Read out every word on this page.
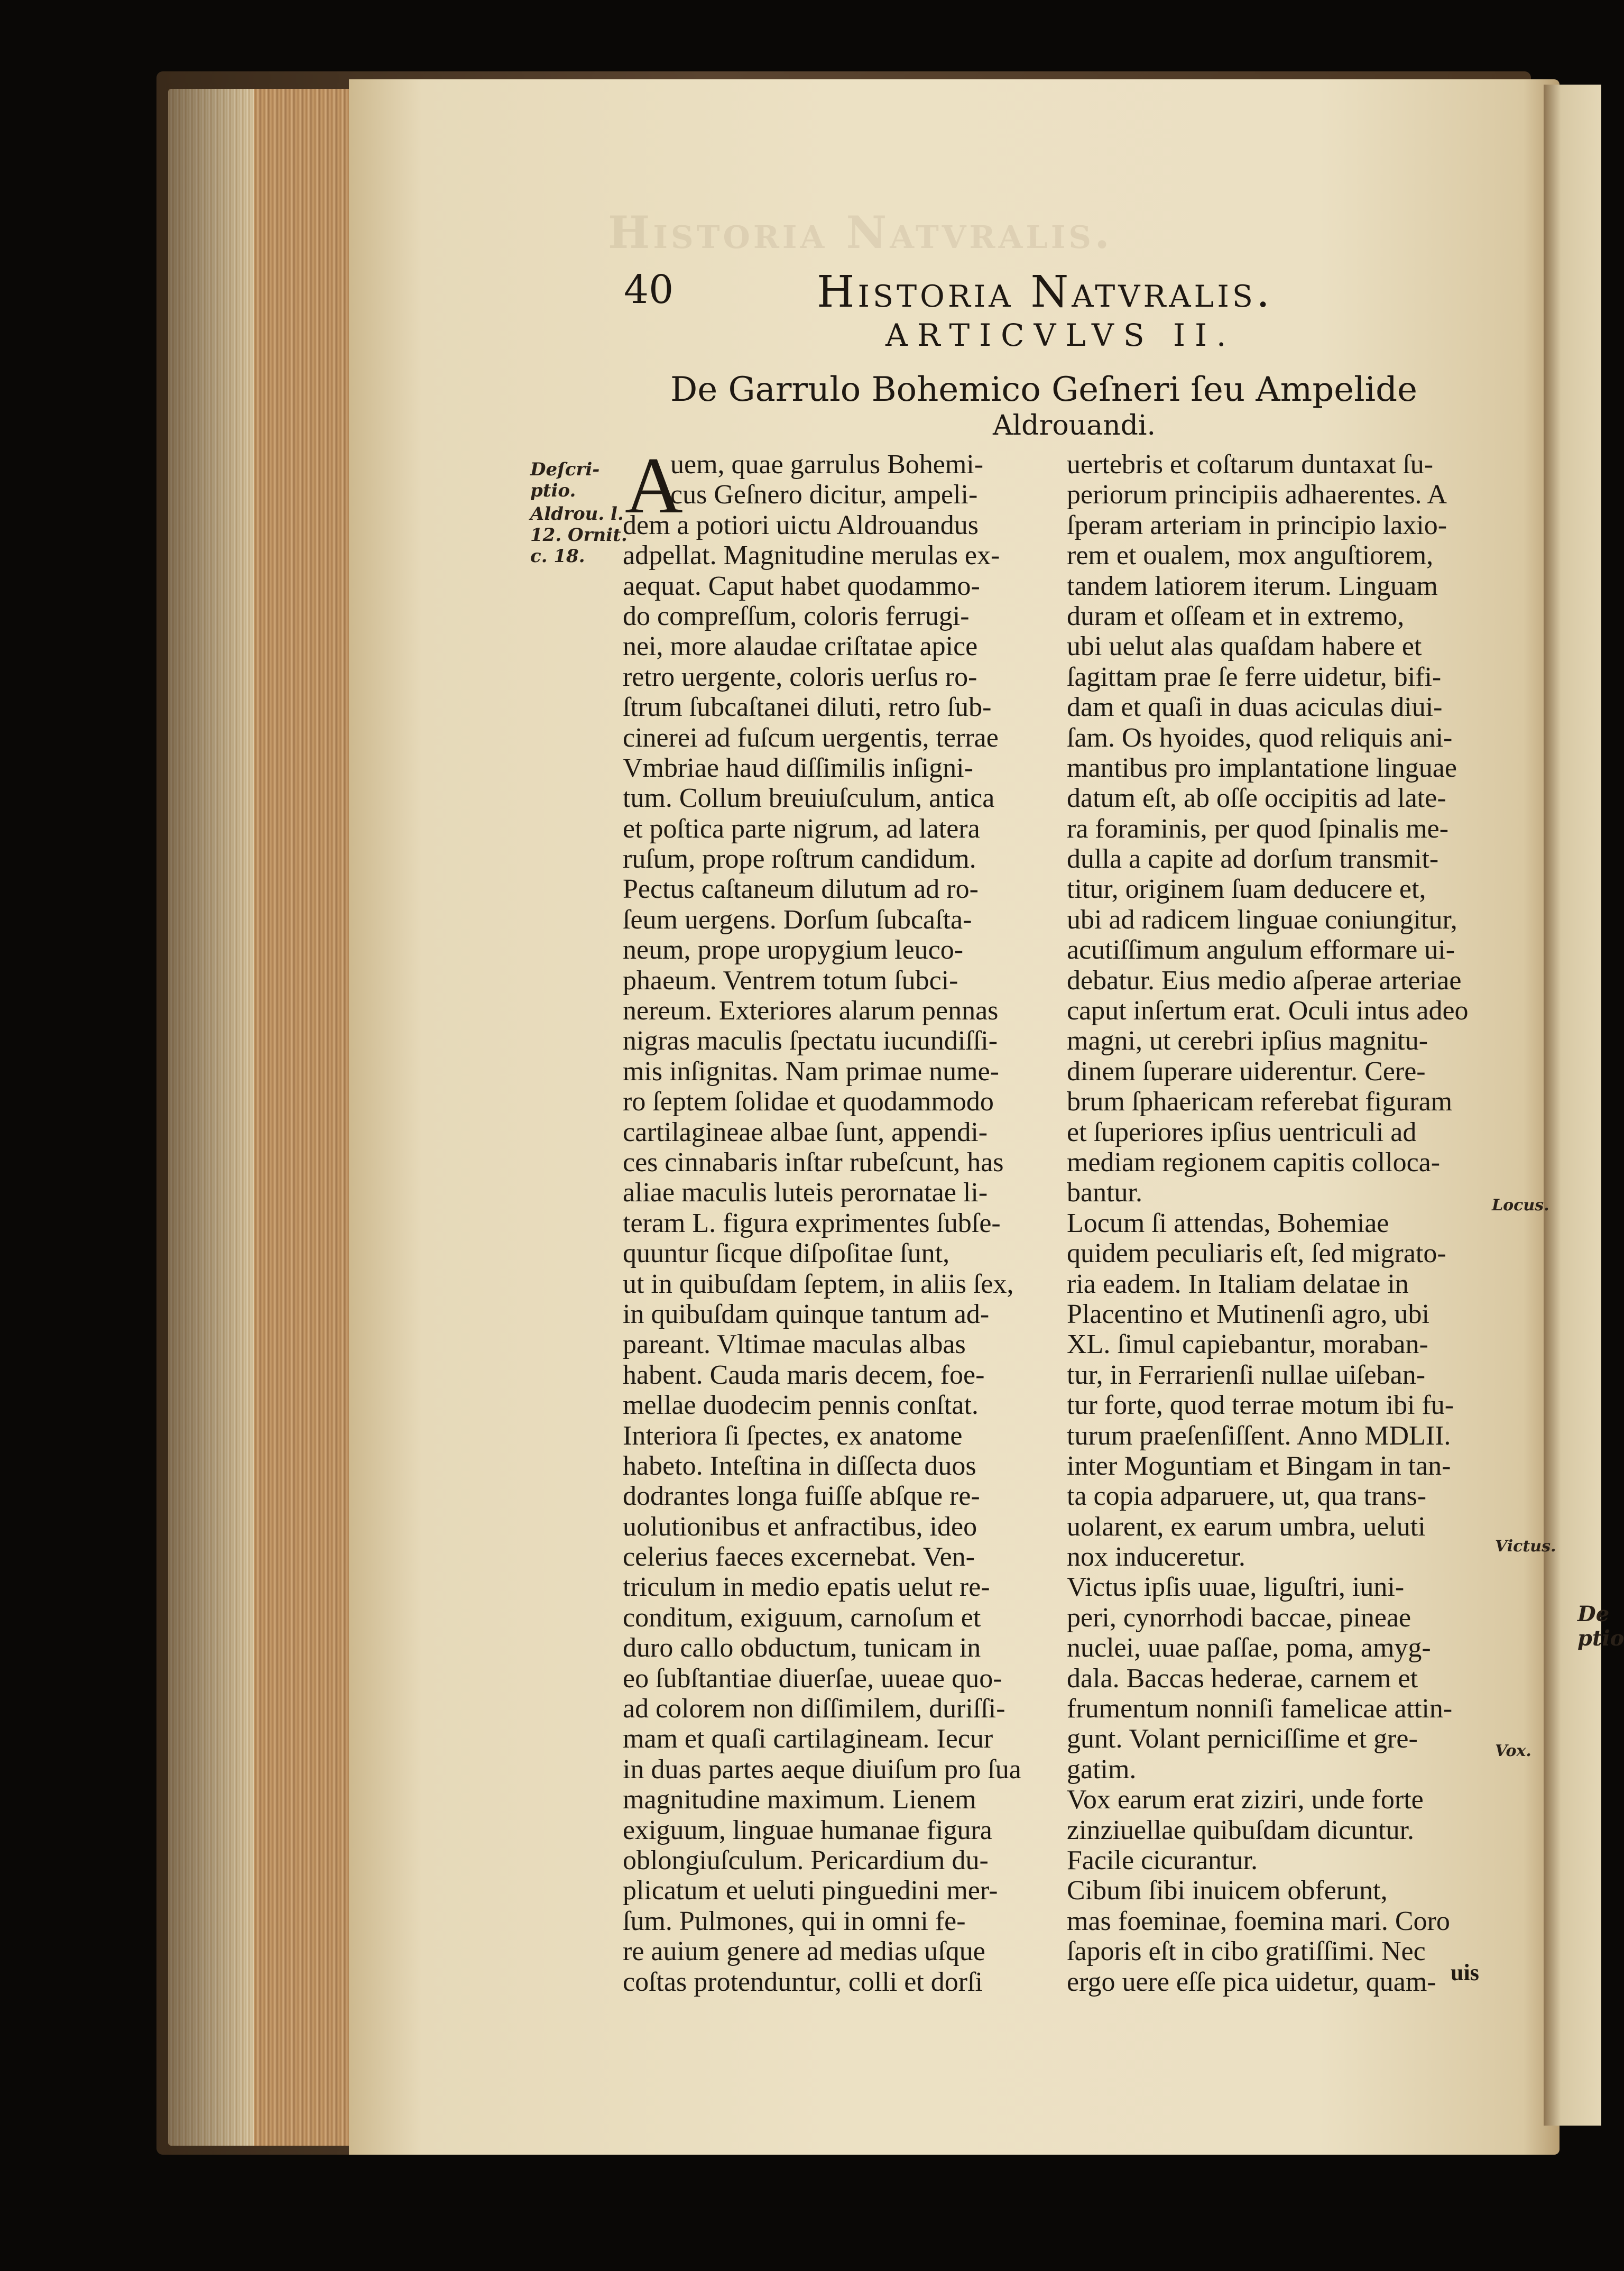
De
ptio
Historia Natvralis.
40	Historia Natvralis.
ARTICVLVS II.
De Garrulo Bohemico Geſneri ſeu Ampelide
Aldrouandi.
Deſcri-
ptio.
Aldrou. l.
12. Ornit.
c. 18.
Locus.
Victus.
Vox.
A
uem, quae garrulus Bohemi-
cus Geſnero dicitur, ampeli-
dem a potiori uictu Aldrouandus
adpellat. Magnitudine merulas ex-
aequat. Caput habet quodammo-
do compreſſum, coloris ferrugi-
nei, more alaudae criſtatae apice
retro uergente, coloris uerſus ro-
ſtrum ſubcaſtanei diluti, retro ſub-
cinerei ad fuſcum uergentis, terrae
Vmbriae haud diſſimilis inſigni-
tum. Collum breuiuſculum, antica
et poſtica parte nigrum, ad latera
ruſum, prope roſtrum candidum.
Pectus caſtaneum dilutum ad ro-
ſeum uergens. Dorſum ſubcaſta-
neum, prope uropygium leuco-
phaeum. Ventrem totum ſubci-
nereum. Exteriores alarum pennas
nigras maculis ſpectatu iucundiſſi-
mis inſignitas. Nam primae nume-
ro ſeptem ſolidae et quodammodo
cartilagineae albae ſunt, appendi-
ces cinnabaris inſtar rubeſcunt, has
aliae maculis luteis perornatae li-
teram L. figura exprimentes ſubſe-
quuntur ſicque diſpoſitae ſunt,
ut in quibuſdam ſeptem, in aliis ſex,
in quibuſdam quinque tantum ad-
pareant. Vltimae maculas albas
habent. Cauda maris decem, foe-
mellae duodecim pennis conſtat.
Interiora ſi ſpectes, ex anatome
habeto. Inteſtina in diſſecta duos
dodrantes longa fuiſſe abſque re-
uolutionibus et anfractibus, ideo
celerius faeces excernebat. Ven-
triculum in medio epatis uelut re-
conditum, exiguum, carnoſum et
duro callo obductum, tunicam in
eo ſubſtantiae diuerſae, uueae quo-
ad colorem non diſſimilem, duriſſi-
mam et quaſi cartilagineam. Iecur
in duas partes aeque diuiſum pro ſua
magnitudine maximum. Lienem
exiguum, linguae humanae figura
oblongiuſculum. Pericardium du-
plicatum et ueluti pinguedini mer-
ſum. Pulmones, qui in omni fe-
re auium genere ad medias uſque
coſtas protenduntur, colli et dorſi
uertebris et coſtarum duntaxat ſu-
periorum principiis adhaerentes. A
ſperam arteriam in principio laxio-
rem et oualem, mox anguſtiorem,
tandem latiorem iterum. Linguam
duram et oſſeam et in extremo,
ubi uelut alas quaſdam habere et
ſagittam prae ſe ferre uidetur, bifi-
dam et quaſi in duas aciculas diui-
ſam. Os hyoides, quod reliquis ani-
mantibus pro implantatione linguae
datum eſt, ab oſſe occipitis ad late-
ra foraminis, per quod ſpinalis me-
dulla a capite ad dorſum transmit-
titur, originem ſuam deducere et,
ubi ad radicem linguae coniungitur,
acutiſſimum angulum efformare ui-
debatur. Eius medio aſperae arteriae
caput inſertum erat. Oculi intus adeo
magni, ut cerebri ipſius magnitu-
dinem ſuperare uiderentur. Cere-
brum ſphaericam referebat figuram
et ſuperiores ipſius uentriculi ad
mediam regionem capitis colloca-
bantur.
Locum ſi attendas, Bohemiae
quidem peculiaris eſt, ſed migrato-
ria eadem. In Italiam delatae in
Placentino et Mutinenſi agro, ubi
XL. ſimul capiebantur, moraban-
tur, in Ferrarienſi nullae uiſeban-
tur forte, quod terrae motum ibi fu-
turum praeſenſiſſent. Anno MDLII.
inter Moguntiam et Bingam in tan-
ta copia adparuere, ut, qua trans-
uolarent, ex earum umbra, ueluti
nox induceretur.
Victus ipſis uuae, liguſtri, iuni-
peri, cynorrhodi baccae, pineae
nuclei, uuae paſſae, poma, amyg-
dala. Baccas hederae, carnem et
frumentum nonniſi famelicae attin-
gunt. Volant perniciſſime et gre-
gatim.
Vox earum erat ziziri, unde forte
zinziuellae quibuſdam dicuntur.
Facile cicurantur.
Cibum ſibi inuicem obferunt,
mas foeminae, foemina mari. Coro
ſaporis eſt in cibo gratiſſimi. Nec
ergo uere eſſe pica uidetur, quam- uis
